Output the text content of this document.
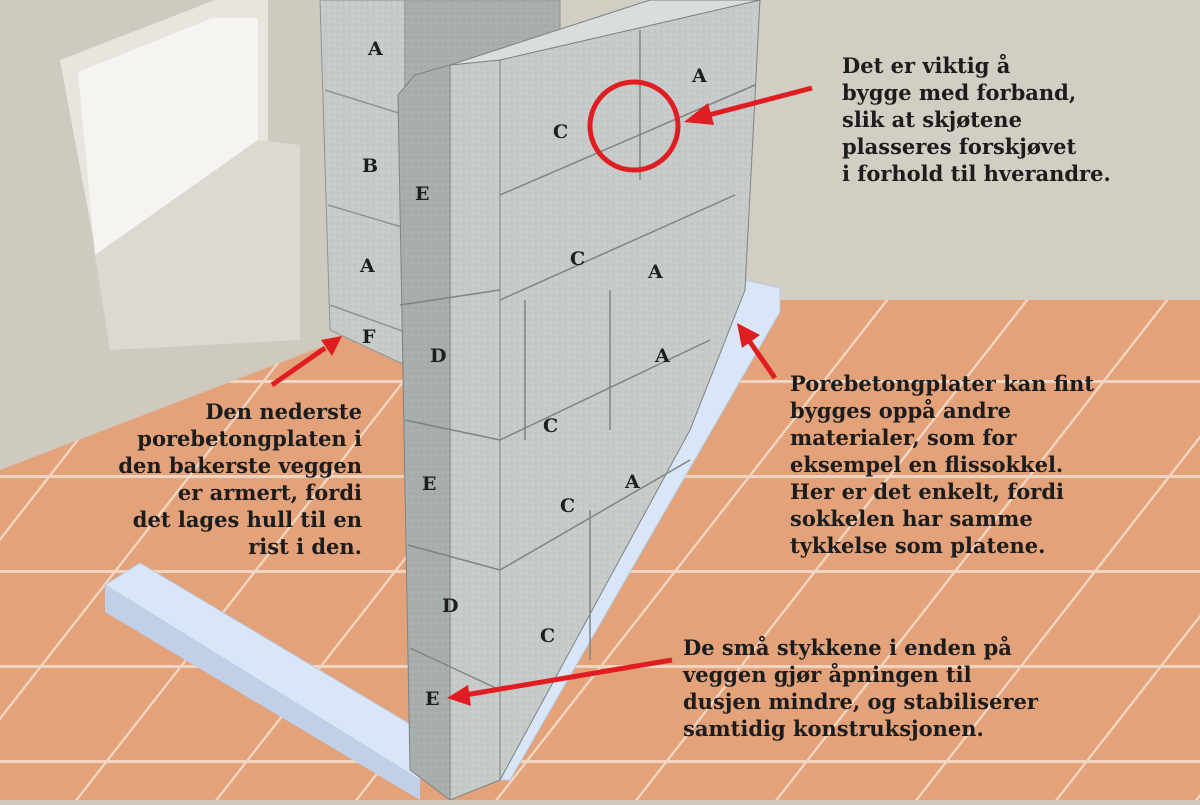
A
B
A
F
E
D
E
D
E
C
A
C
A
A
C
A
C
C
Det er viktig å
bygge med forband,
slik at skjøtene
plasseres forskjøvet
i forhold til hverandre.
Den nederste
porebetongplaten i
den bakerste veggen
er armert, fordi
det lages hull til en
rist i den.
Porebetongplater kan fint
bygges oppå andre
materialer, som for
eksempel en flissokkel.
Her er det enkelt, fordi
sokkelen har samme
tykkelse som platene.
De små stykkene i enden på
veggen gjør åpningen til
dusjen mindre, og stabiliserer
samtidig konstruksjonen.
